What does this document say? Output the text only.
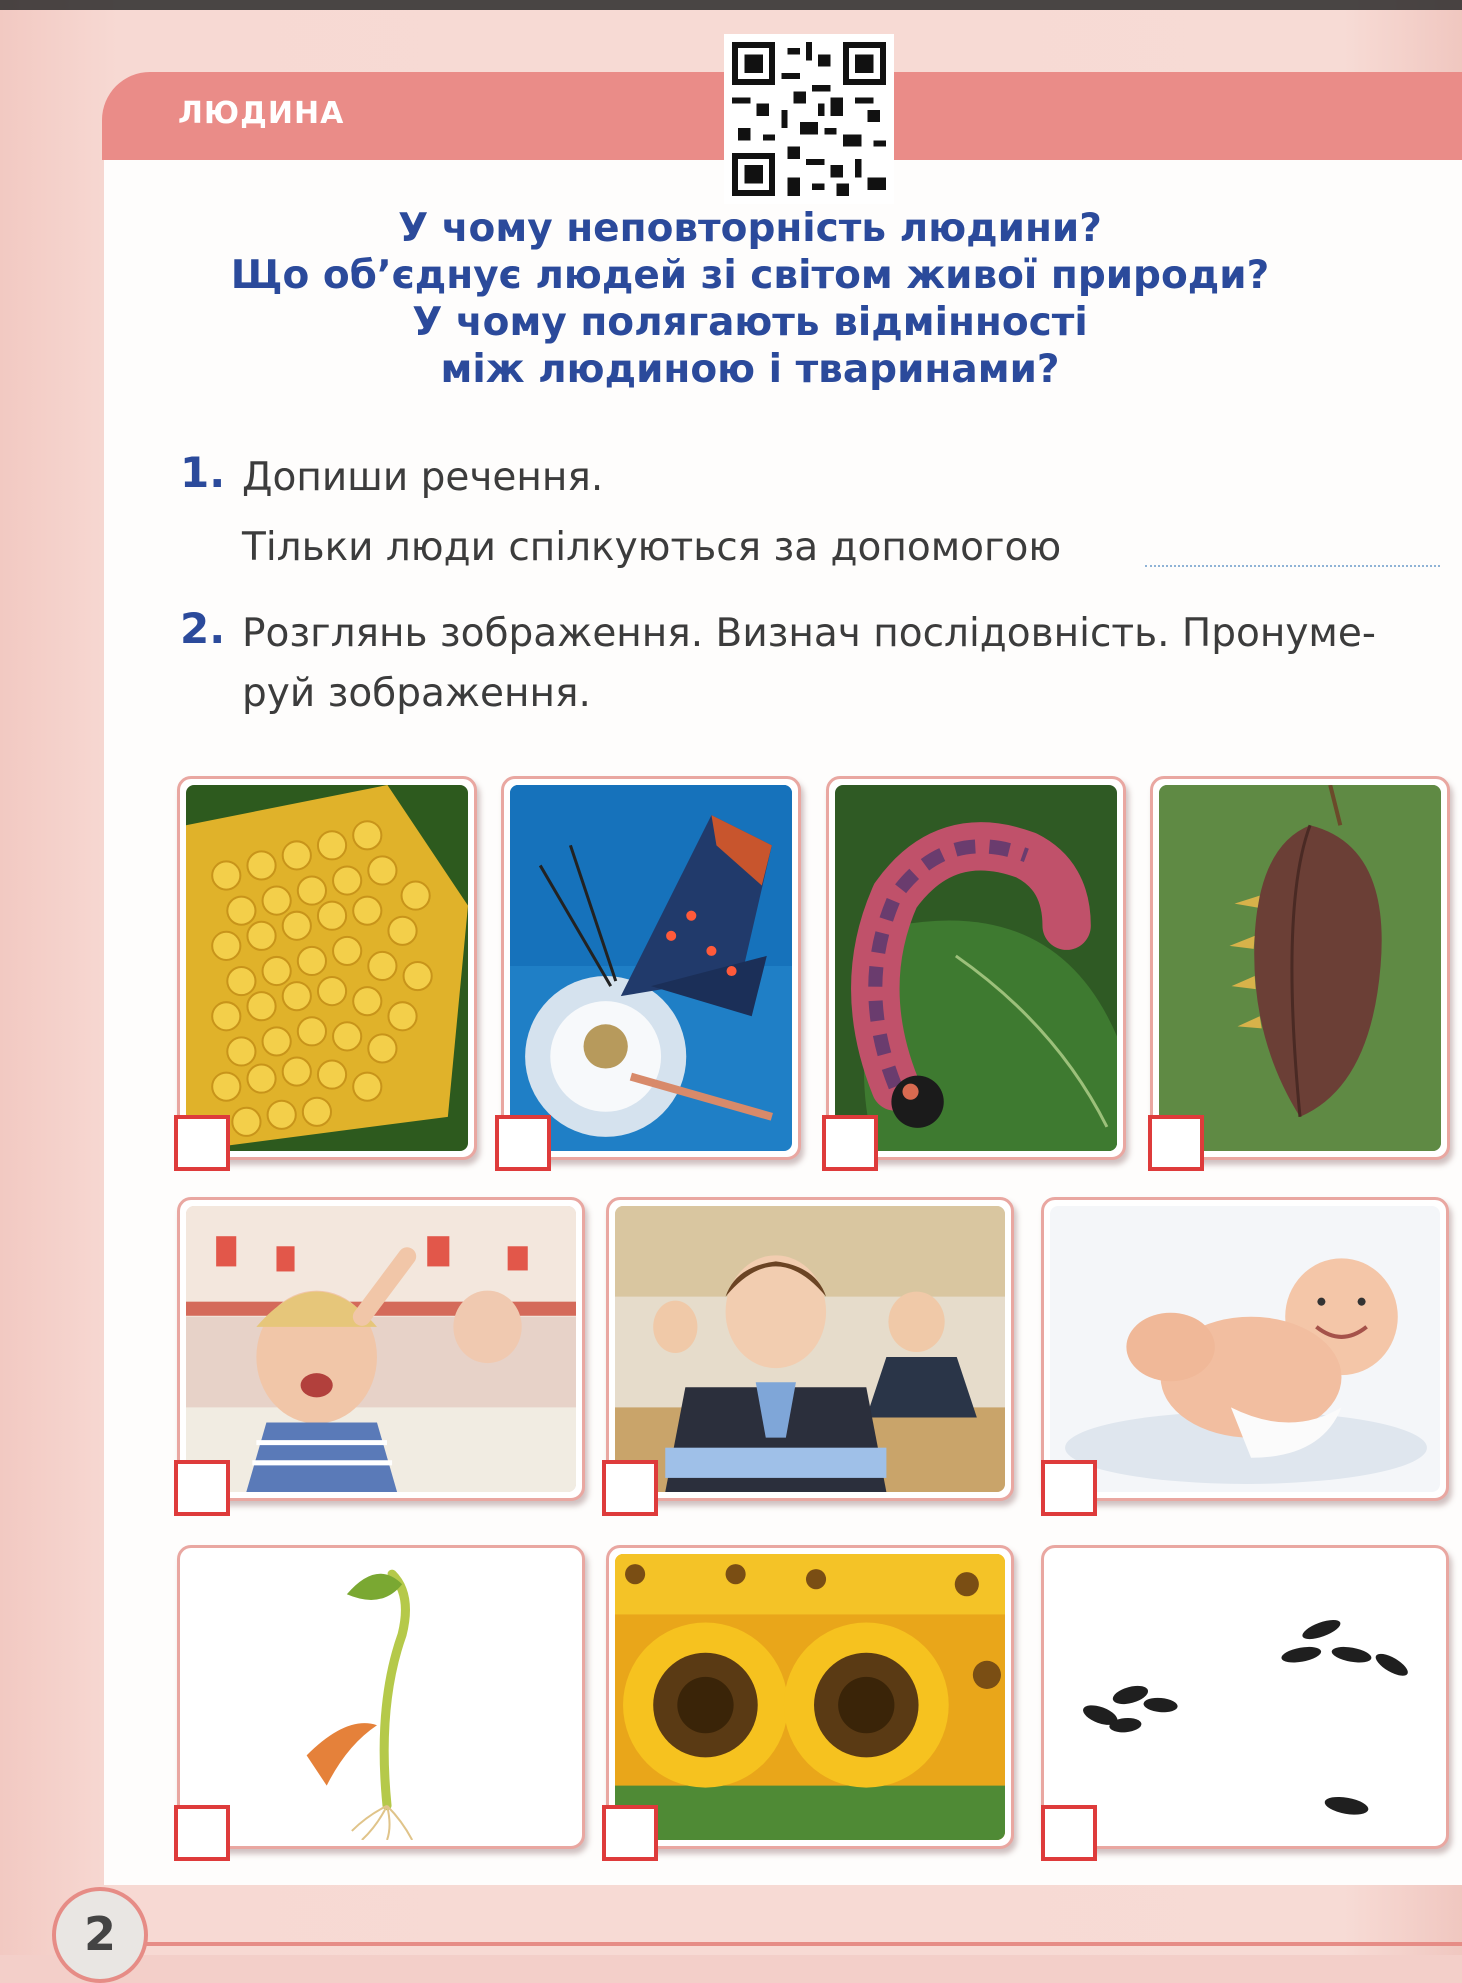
ЛЮДИНА
У чому неповторність людини?
Що об’єднує людей зі світом живої природи?
У чому полягають відмінності
між людиною і тваринами?
1. Допиши речення.
Тільки люди спілкуються за допомогою
2. Розглянь зображення. Визнач послідовність. Пронуме-
руй зображення.
2
